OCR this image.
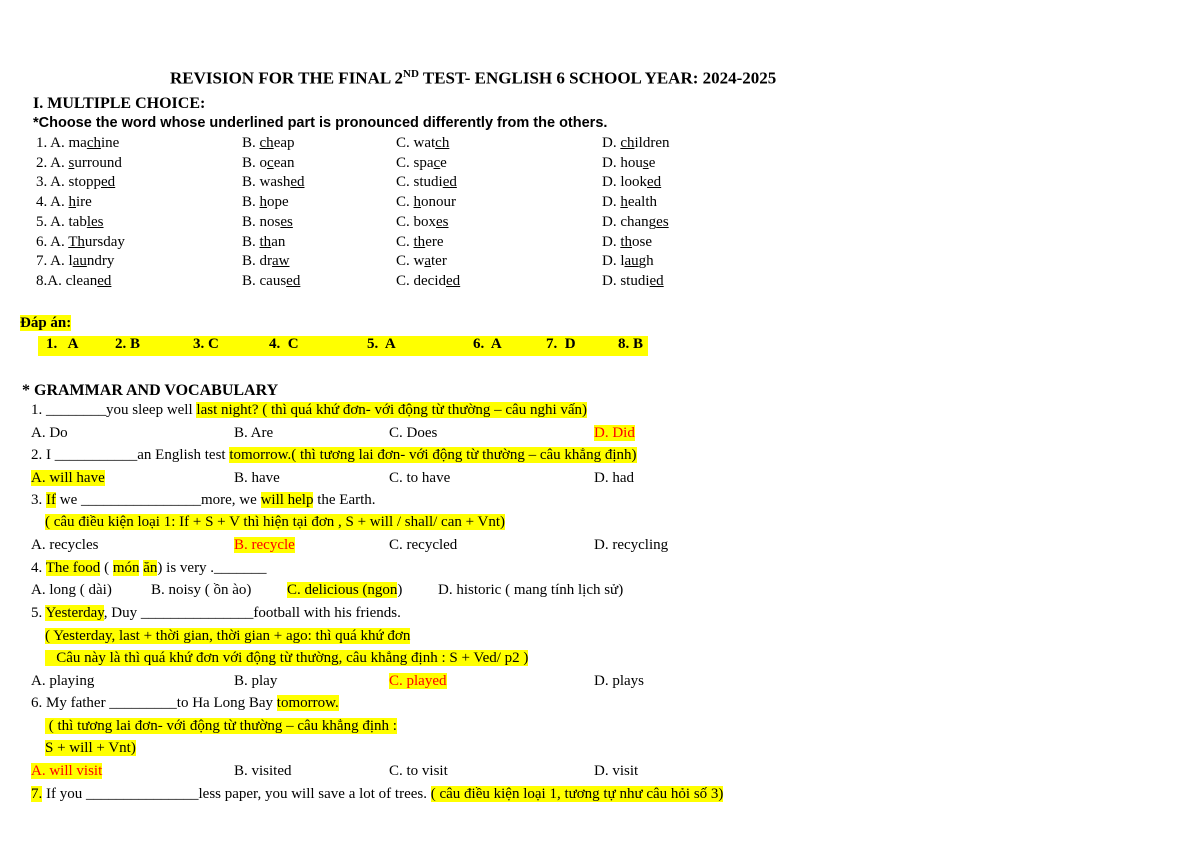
REVISION FOR THE FINAL 2ND TEST- ENGLISH 6 SCHOOL YEAR: 2024-2025
I. MULTIPLE CHOICE:
*Choose the word whose underlined part is pronounced differently from the others.
1. A. machine	B. cheap	C. watch	D. children
2. A. surround	B. ocean	C. space	D. house
3. A. stopped	B. washed	C. studied	D. looked
4. A. hire	B. hope	C. honour	D. health
5. A. tables	B. noses	C. boxes	D. changes
6. A. Thursday	B. than	C. there	D. those
7. A. laundry	B. draw	C. water	D. laugh
8.A. cleaned	B. caused	C. decided	D. studied
Đáp án:
1.   A 2. B	3. C	4.  C	5.  A	6.  A	7.  D	8. B
* GRAMMAR AND VOCABULARY
1. ________you sleep well last night? ( thì quá khứ đơn- với động từ thường – câu nghi vấn)
A. Do	B. Are	C. Does	D. Did
2. I ___________an English test tomorrow.( thì tương lai đơn- với động từ thường – câu khẳng định)
A. will have	B. have	C. to have	D. had
3. If we ________________more, we will help the Earth.
( câu điều kiện loại 1: If + S + V thì hiện tại đơn , S + will / shall/ can + Vnt)
A. recycles	B. recycle	C. recycled	D. recycling
4. The food ( món ăn) is very ._______
A. long ( dài)	B. noisy ( ồn ào) C. delicious (ngon) D. historic ( mang tính lịch sử)
5. Yesterday, Duy _______________football with his friends.
( Yesterday, last + thời gian, thời gian + ago: thì quá khứ đơn
Câu này là thì quá khứ đơn với động từ thường, câu khẳng định : S + Ved/ p2 )
A. playing	B. play	C. played	D. plays
6. My father _________to Ha Long Bay tomorrow.
( thì tương lai đơn- với động từ thường – câu khẳng định :
S + will + Vnt)
A. will visit	B. visited	C. to visit	D. visit
7. If you _______________less paper, you will save a lot of trees. ( câu điều kiện loại 1, tương tự như câu hỏi số 3)
